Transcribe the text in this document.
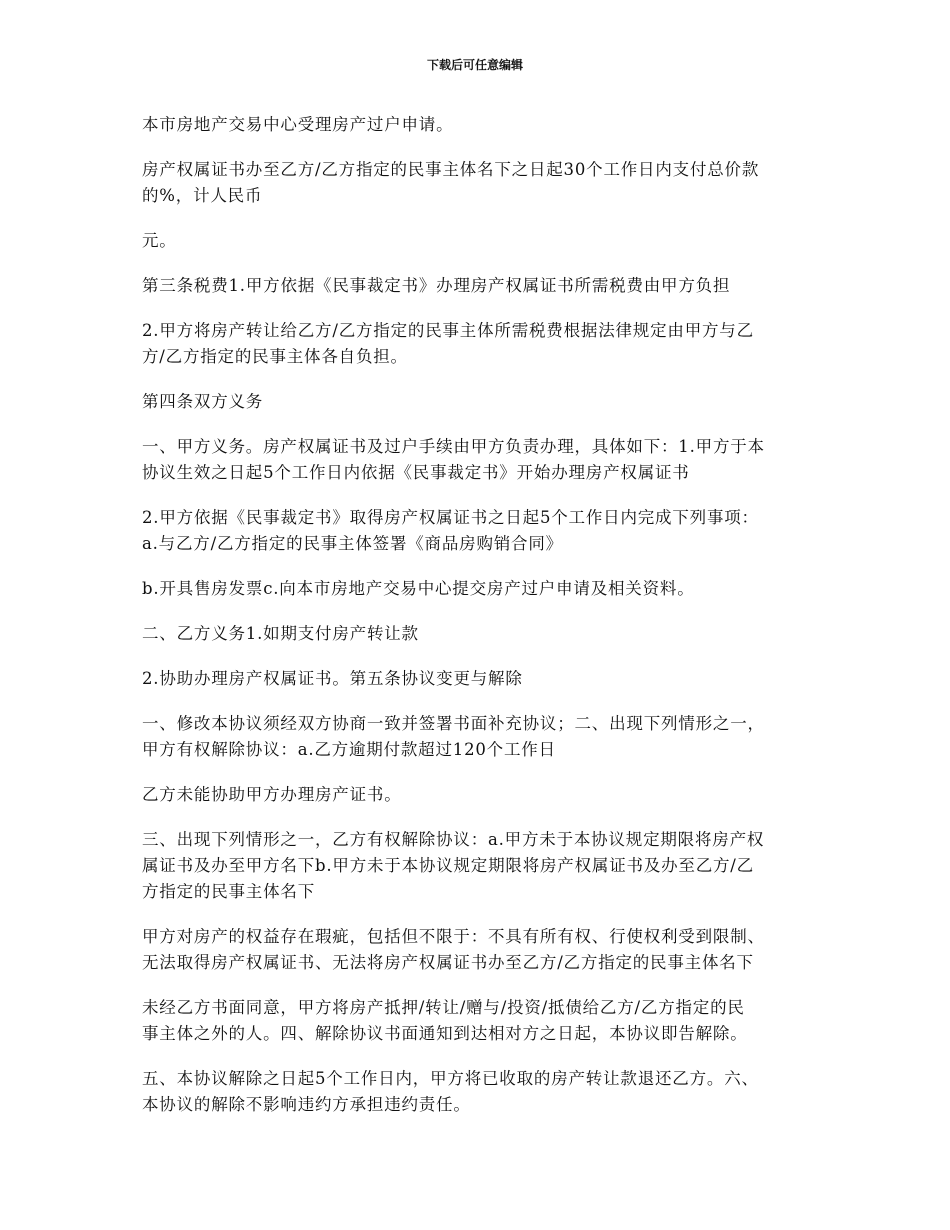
下载后可任意编辑

本市房地产交易中心受理房产过户申请。

房产权属证书办至乙方/乙方指定的民事主体名下之日起30个工作日内支付总价款
的%，计人民币

元。

第三条税费1.甲方依据《民事裁定书》办理房产权属证书所需税费由甲方负担

2.甲方将房产转让给乙方/乙方指定的民事主体所需税费根据法律规定由甲方与乙
方/乙方指定的民事主体各自负担。

第四条双方义务

一、甲方义务。房产权属证书及过户手续由甲方负责办理，具体如下：1.甲方于本
协议生效之日起5个工作日内依据《民事裁定书》开始办理房产权属证书

2.甲方依据《民事裁定书》取得房产权属证书之日起5个工作日内完成下列事项：
a.与乙方/乙方指定的民事主体签署《商品房购销合同》

b.开具售房发票c.向本市房地产交易中心提交房产过户申请及相关资料。

二、乙方义务1.如期支付房产转让款

2.协助办理房产权属证书。第五条协议变更与解除

一、修改本协议须经双方协商一致并签署书面补充协议；二、出现下列情形之一，
甲方有权解除协议：a.乙方逾期付款超过120个工作日

乙方未能协助甲方办理房产证书。

三、出现下列情形之一，乙方有权解除协议：a.甲方未于本协议规定期限将房产权
属证书及办至甲方名下b.甲方未于本协议规定期限将房产权属证书及办至乙方/乙
方指定的民事主体名下

甲方对房产的权益存在瑕疵，包括但不限于：不具有所有权、行使权利受到限制、
无法取得房产权属证书、无法将房产权属证书办至乙方/乙方指定的民事主体名下

未经乙方书面同意，甲方将房产抵押/转让/赠与/投资/抵债给乙方/乙方指定的民
事主体之外的人。四、解除协议书面通知到达相对方之日起，本协议即告解除。

五、本协议解除之日起5个工作日内，甲方将已收取的房产转让款退还乙方。六、
本协议的解除不影响违约方承担违约责任。
